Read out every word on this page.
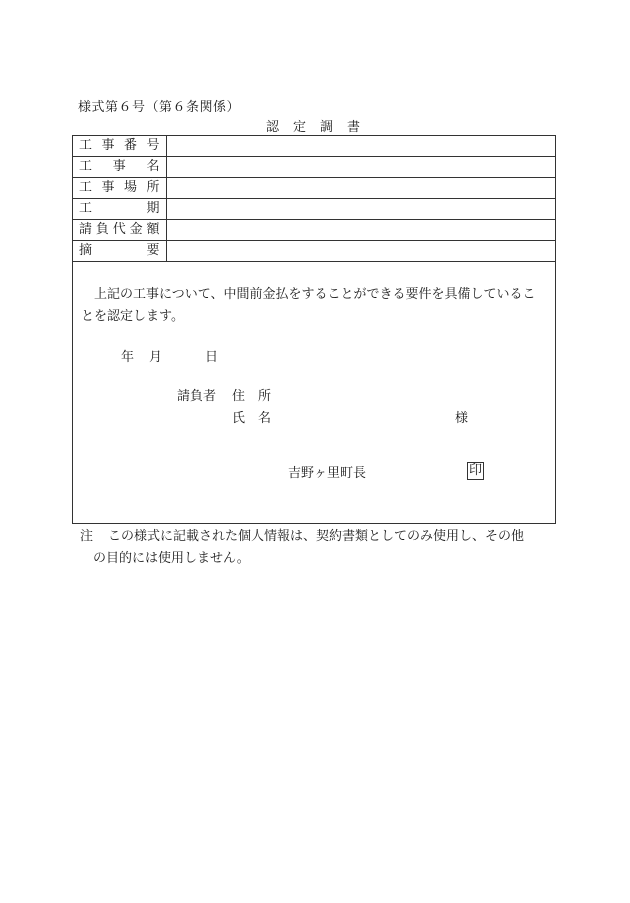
様式第６号（第６条関係）
認定調書
工 事 番 号	

工 事 名	

工 事 場 所	

工 期	

請 負 代 金 額	

摘 要	

上記の工事について、中間前金払をすることができる要件を具備していることを認定します。
年 月	日
請負者 住　所
氏　名	様
吉野ヶ里町長	印
注	この様式に記載された個人情報は、契約書類としてのみ使用し、その他
の目的には使用しません。
